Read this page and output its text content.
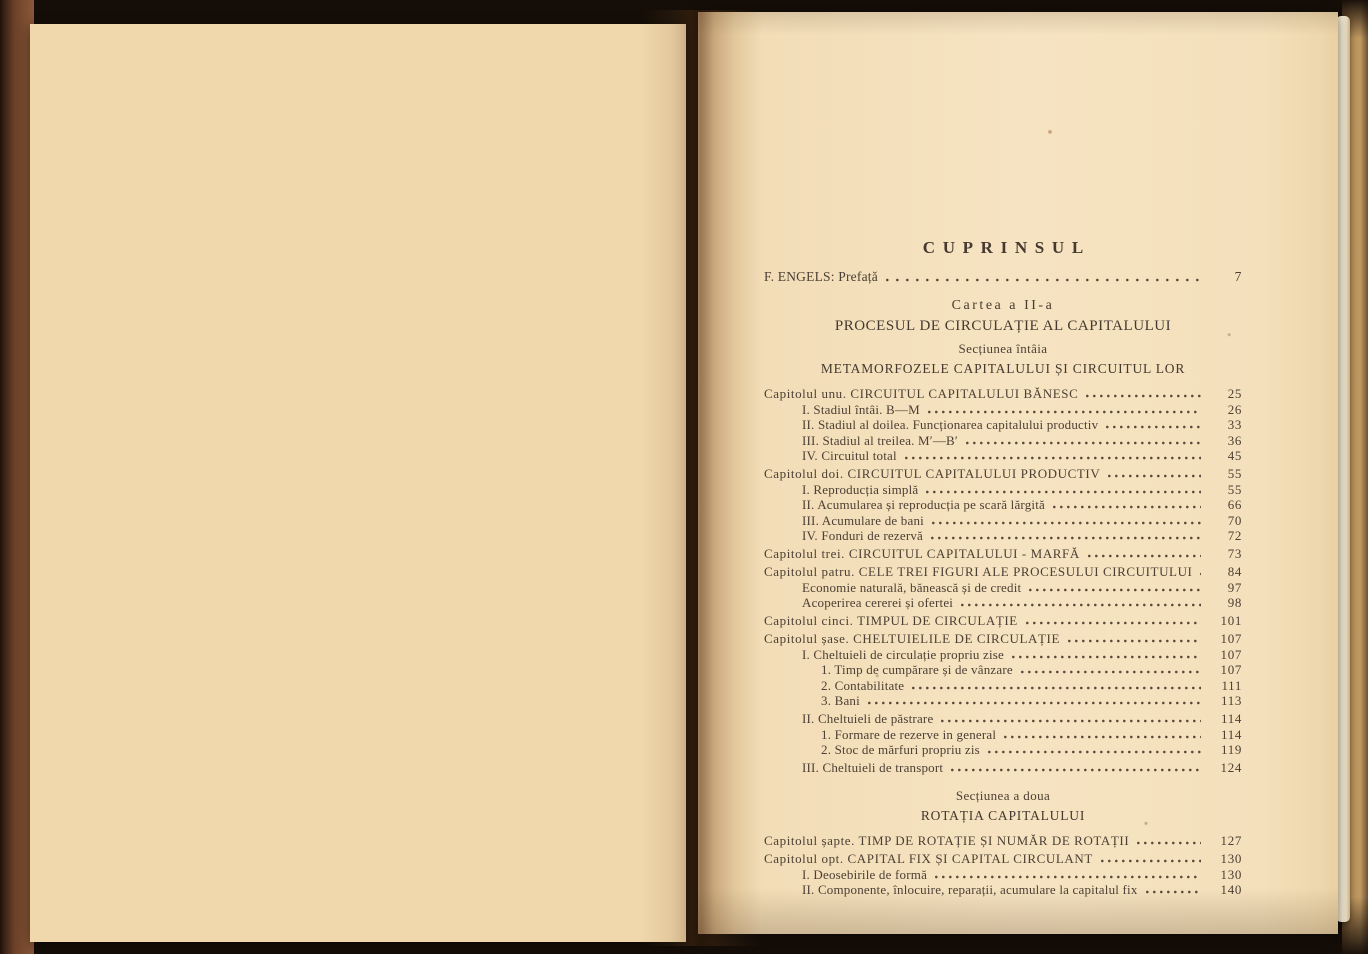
CUPRINSUL
F. ENGELS: Prefață	7
Cartea a II-a
PROCESUL DE CIRCULAȚIE AL CAPITALULUI
Secțiunea întâia
METAMORFOZELE CAPITALULUI ȘI CIRCUITUL LOR
Capitolul unu. CIRCUITUL CAPITALULUI BĂNESC	25
I. Stadiul întâi. B—M	26
II. Stadiul al doilea. Funcționarea capitalului productiv	33
III. Stadiul al treilea. M′—B′	36
IV. Circuitul total	45
Capitolul doi. CIRCUITUL CAPITALULUI PRODUCTIV	55
I. Reproducția simplă	55
II. Acumularea și reproducția pe scară lărgită	66
III. Acumulare de bani	70
IV. Fonduri de rezervă	72
Capitolul trei. CIRCUITUL CAPITALULUI - MARFĂ	73
Capitolul patru. CELE TREI FIGURI ALE PROCESULUI CIRCUITULUI	84
Economie naturală, bănească și de credit	97
Acoperirea cererei și ofertei	98
Capitolul cinci. TIMPUL DE CIRCULAȚIE	101
Capitolul șase. CHELTUIELILE DE CIRCULAȚIE	107
I. Cheltuieli de circulație propriu zise	107
1. Timp de cumpărare și de vânzare	107
2. Contabilitate	111
3. Bani	113
II. Cheltuieli de păstrare	114
1. Formare de rezerve in general	114
2. Stoc de mărfuri propriu zis	119
III. Cheltuieli de transport	124
Secțiunea a doua
ROTAȚIA CAPITALULUI
Capitolul șapte. TIMP DE ROTAȚIE ȘI NUMĂR DE ROTAȚII	127
Capitolul opt. CAPITAL FIX ȘI CAPITAL CIRCULANT	130
I. Deosebirile de formă	130
II. Componente, înlocuire, reparații, acumulare la capitalul fix	140
